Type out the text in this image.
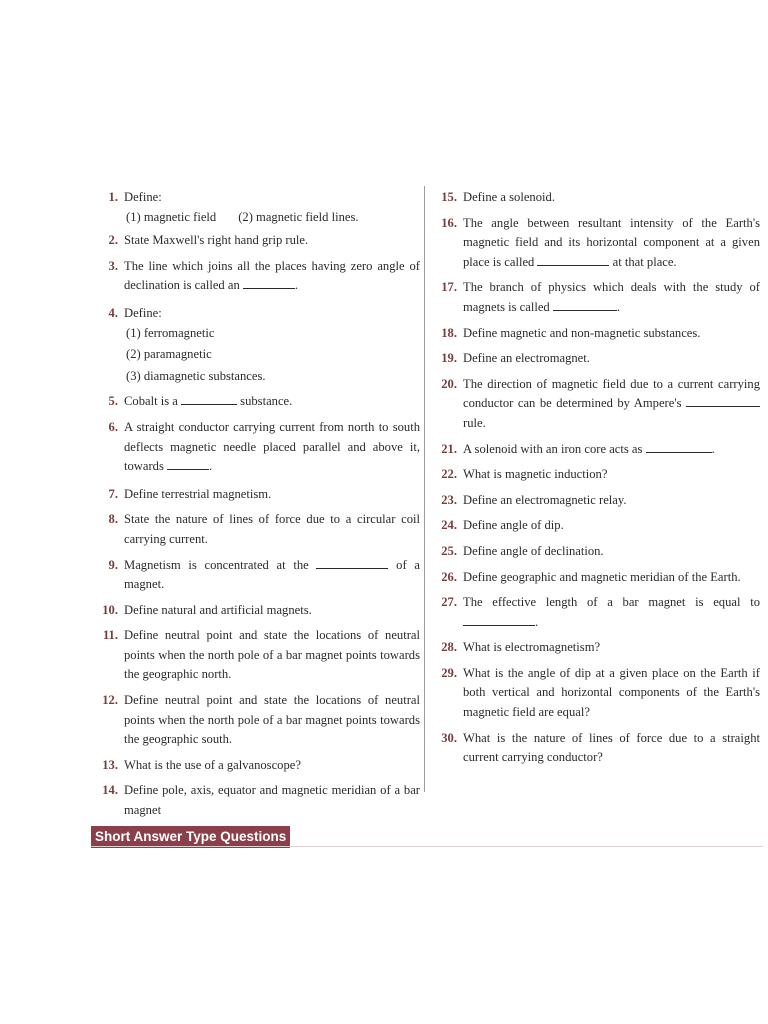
1. Define:
(1) magnetic field (2) magnetic field lines.
2. State Maxwell's right hand grip rule.
3. The line which joins all the places having zero angle of declination is called an	.
4. Define:
(1) ferromagnetic
(2) paramagnetic
(3) diamagnetic substances.
5. Cobalt is a	substance.
6. A straight conductor carrying current from north to south deflects magnetic needle placed parallel and above it, towards	.
7. Define terrestrial magnetism.
8. State the nature of lines of force due to a circular coil carrying current.
9. Magnetism is concentrated at the	of a magnet.
10. Define natural and artificial magnets.
11. Define neutral point and state the locations of neutral points when the north pole of a bar magnet points towards the geographic north.
12. Define neutral point and state the locations of neutral points when the north pole of a bar magnet points towards the geographic south.
13. What is the use of a galvanoscope?
14. Define pole, axis, equator and magnetic meridian of a bar magnet
15. Define a solenoid.
16. The angle between resultant intensity of the Earth's magnetic field and its horizontal component at a given place is called	at that place.
17. The branch of physics which deals with the study of magnets is called	.
18. Define magnetic and non-magnetic substances.
19. Define an electromagnet.
20. The direction of magnetic field due to a current carrying conductor can be determined by Ampere's  rule.
21. A solenoid with an iron core acts as	.
22. What is magnetic induction?
23. Define an electromagnetic relay.
24. Define angle of dip.
25. Define angle of declination.
26. Define geographic and magnetic meridian of the Earth.
27. The effective length of a bar magnet is equal to .
28. What is electromagnetism?
29. What is the angle of dip at a given place on the Earth if both vertical and horizontal components of the Earth's magnetic field are equal?
30. What is the nature of lines of force due to a straight current carrying conductor?
Short Answer Type Questions
